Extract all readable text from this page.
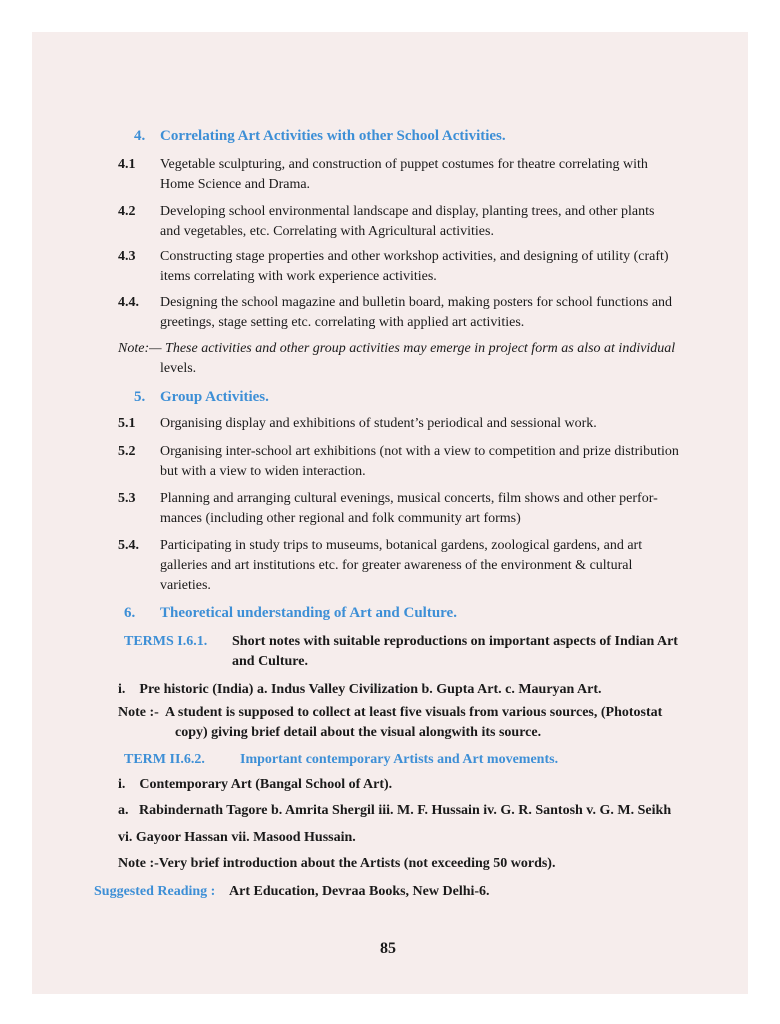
4. Correlating Art Activities with other School Activities.
4.1 Vegetable sculpturing, and construction of puppet costumes for theatre correlating with
Home Science and Drama.
4.2 Developing school environmental landscape and display, planting trees, and other plants
and vegetables, etc. Correlating with Agricultural activities.
4.3 Constructing stage properties and other workshop activities, and designing of utility (craft)
items correlating with work experience activities.
4.4. Designing the school magazine and bulletin board, making posters for school functions and
greetings, stage setting etc. correlating with applied art activities.
Note:— These activities and other group activities may emerge in project form as also at individual
levels.
5. Group Activities.
5.1 Organising display and exhibitions of student’s periodical and sessional work.
5.2 Organising inter-school art exhibitions (not with a view to competition and prize distribution
but with a view to widen interaction.
5.3 Planning and arranging cultural evenings, musical concerts, film shows and other perfor-
mances (including other regional and folk community art forms)
5.4. Participating in study trips to museums, botanical gardens, zoological gardens, and art
galleries and art institutions etc. for greater awareness of the environment & cultural
varieties.
6. Theoretical understanding of Art and Culture.
TERMS I.6.1. Short notes with suitable reproductions on important aspects of Indian Art
and Culture.
i.    Pre historic (India) a. Indus Valley Civilization b. Gupta Art. c. Mauryan Art.
Note :-  A student is supposed to collect at least five visuals from various sources, (Photostat
copy) giving brief detail about the visual alongwith its source.
TERM II.6.2.	Important contemporary Artists and Art movements.
i.    Contemporary Art (Bangal School of Art).
a.   Rabindernath Tagore b. Amrita Shergil iii. M. F. Hussain iv. G. R. Santosh v. G. M. Seikh
vi. Gayoor Hassan vii. Masood Hussain.
Note :-Very brief introduction about the Artists (not exceeding 50 words).
Suggested Reading : Art Education, Devraa Books, New Delhi-6.
85
